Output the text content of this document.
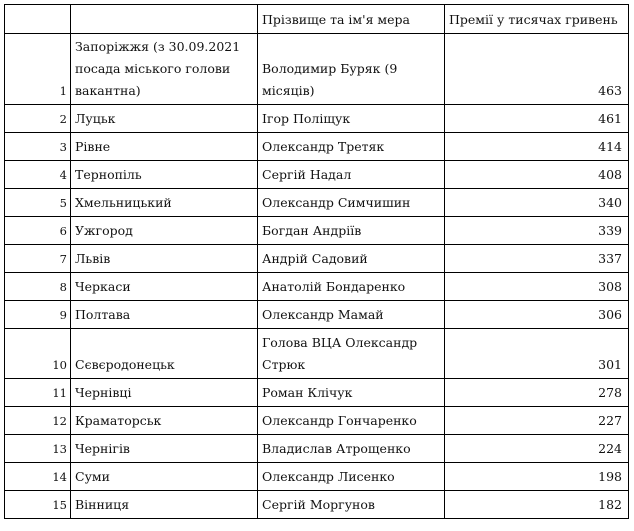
		Прізвище та ім'я мера	Премії у тисячах гривень
1	Запоріжжя (з 30.09.2021 посада міського голови вакантна)	Володимир Буряк (9 місяців)	463
2	Луцьк	Ігор Поліщук	461
3	Рівне	Олександр Третяк	414
4	Тернопіль	Сергій Надал	408
5	Хмельницький	Олександр Симчишин	340
6	Ужгород	Богдан Андріїв	339
7	Львів	Андрій Садовий	337
8	Черкаси	Анатолій Бондаренко	308
9	Полтава	Олександр Мамай	306
10	Сєвєродонецьк	Голова ВЦА Олександр Стрюк	301
11	Чернівці	Роман Клічук	278
12	Краматорськ	Олександр Гончаренко	227
13	Чернігів	Владислав Атрощенко	224
14	Суми	Олександр Лисенко	198
15	Вінниця	Сергій Моргунов	182
